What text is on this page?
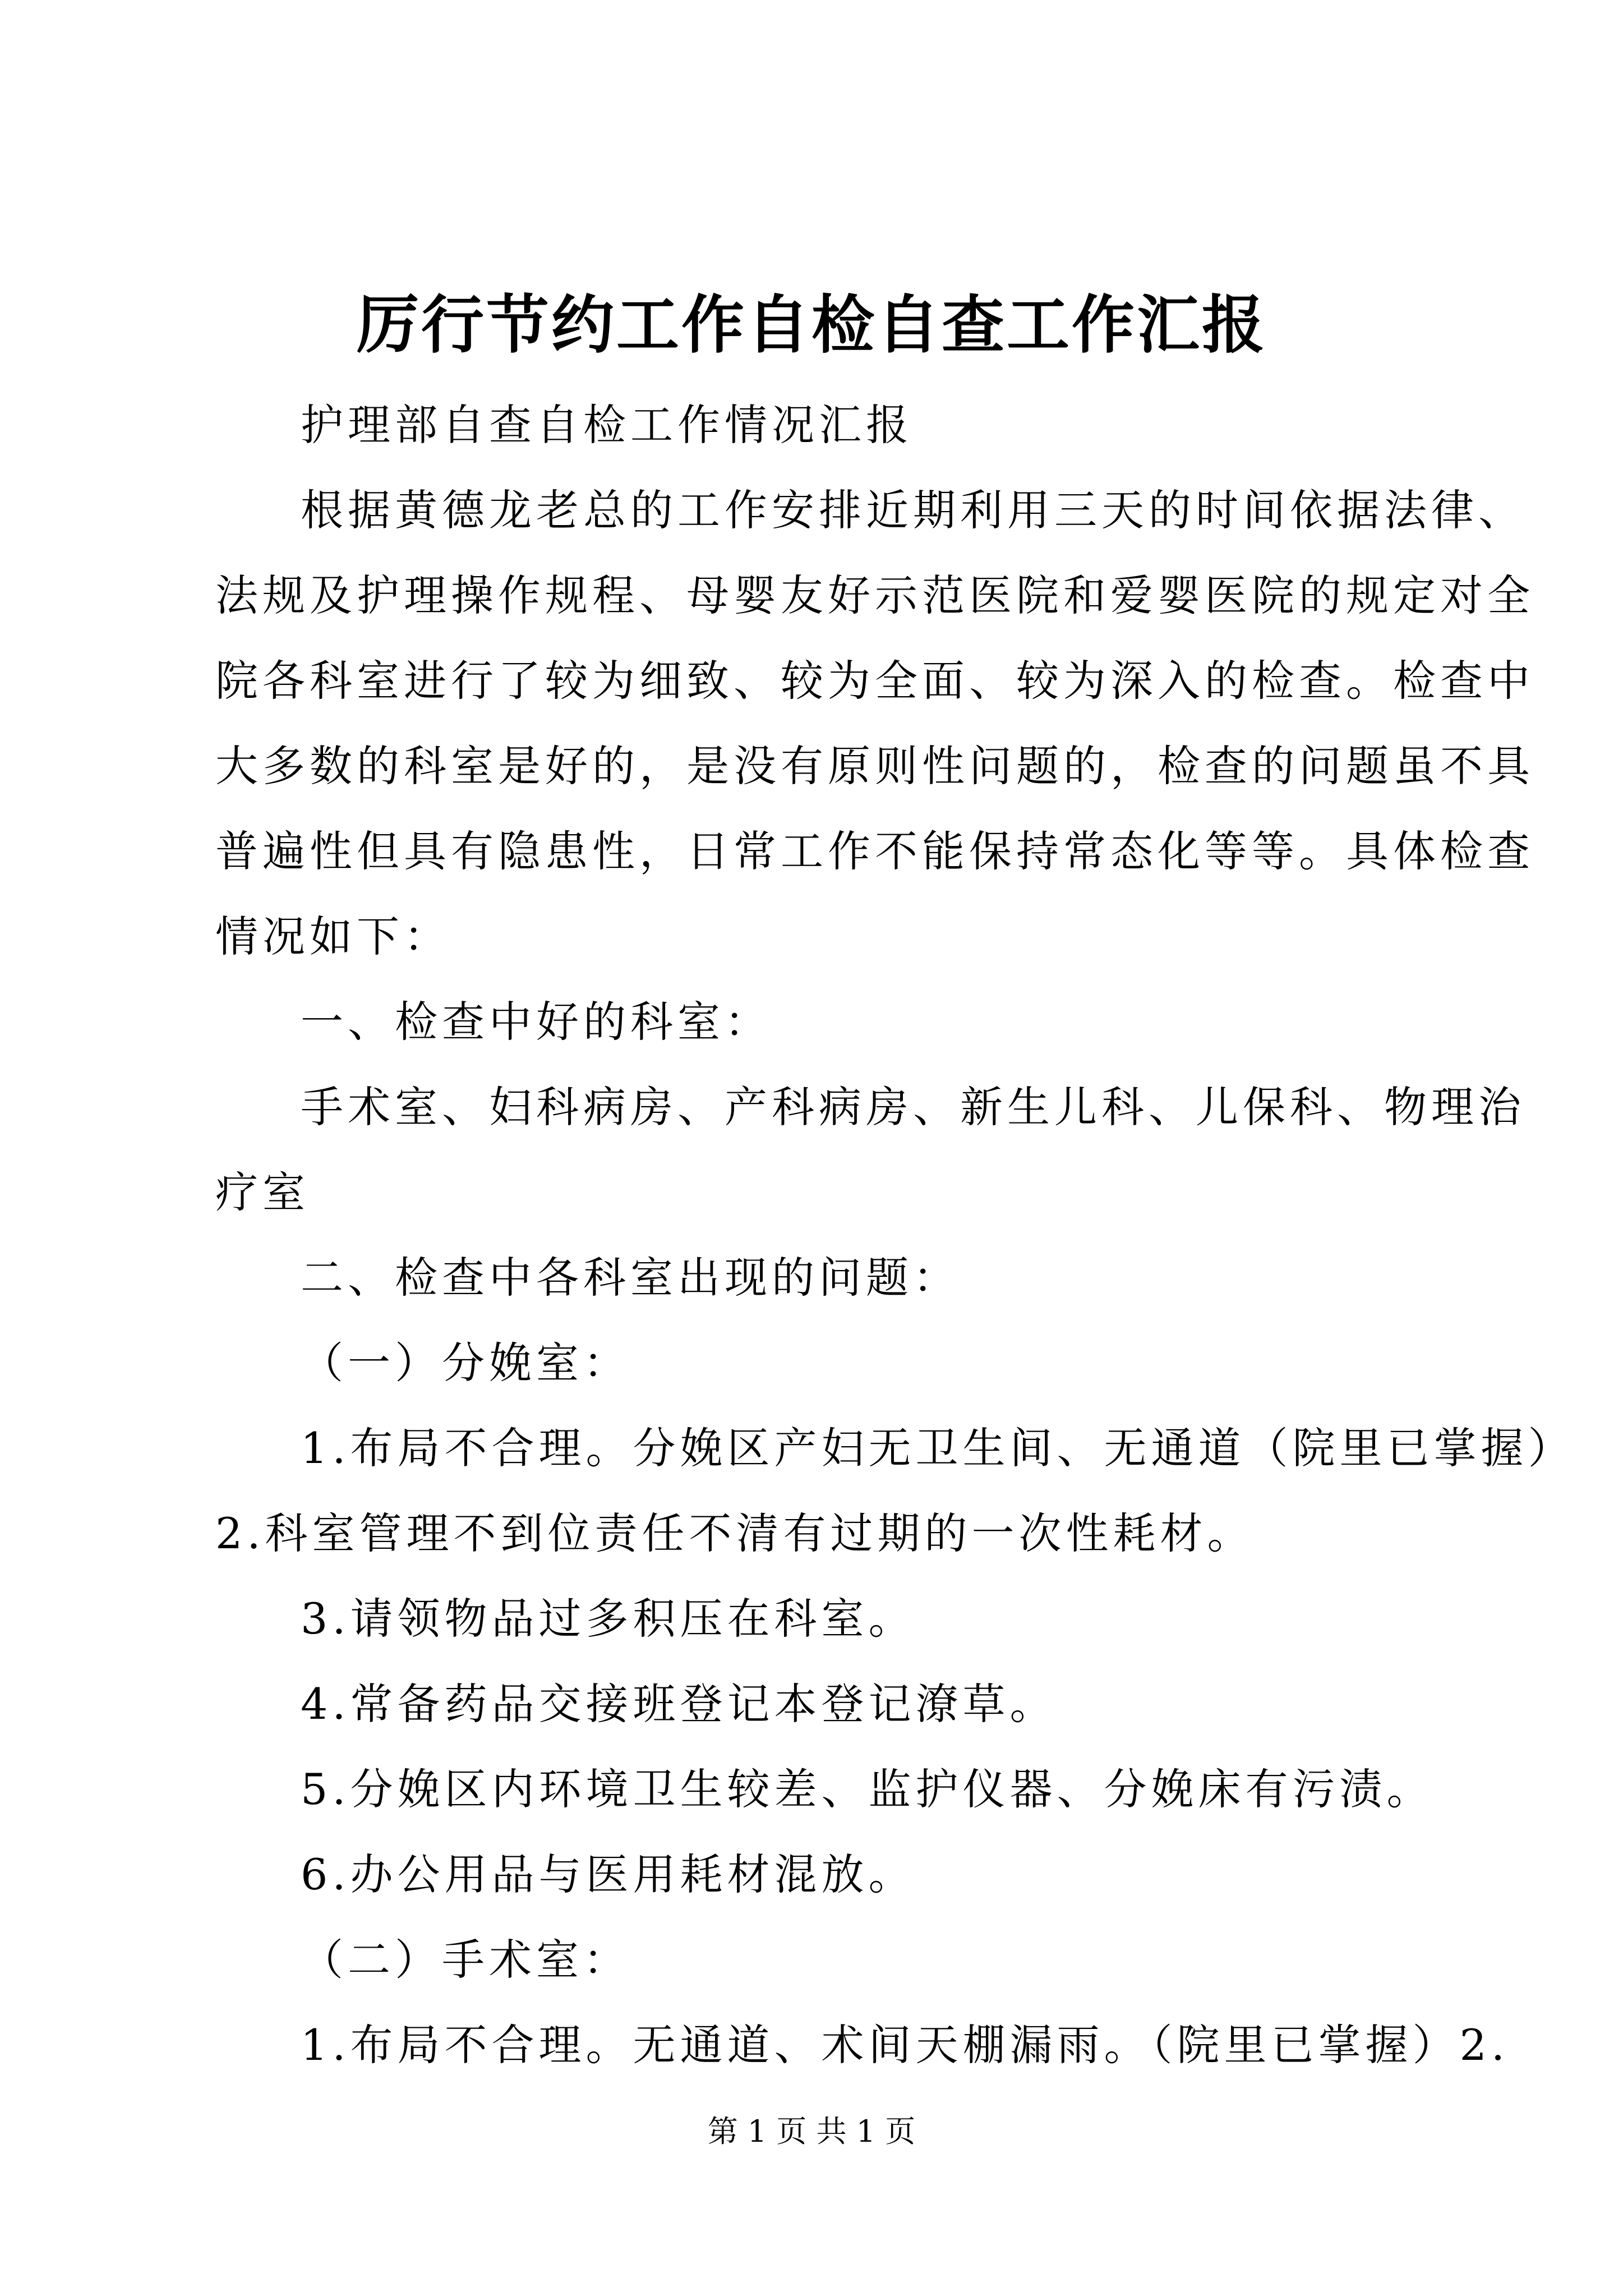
厉行节约工作自检自查工作汇报

护理部自查自检工作情况汇报

根据黄德龙老总的工作安排近期利用三天的时间依据法律、

法规及护理操作规程、母婴友好示范医院和爱婴医院的规定对全

院各科室进行了较为细致、较为全面、较为深入的检查。检查中

大多数的科室是好的，是没有原则性问题的，检查的问题虽不具

普遍性但具有隐患性，日常工作不能保持常态化等等。具体检查

情况如下：

一、检查中好的科室：

手术室、妇科病房、产科病房、新生儿科、儿保科、物理治

疗室

二、检查中各科室出现的问题：

（一）分娩室：

1.布局不合理。分娩区产妇无卫生间、无通道（院里已掌握）

2.科室管理不到位责任不清有过期的一次性耗材。

3.请领物品过多积压在科室。

4.常备药品交接班登记本登记潦草。

5.分娩区内环境卫生较差、监护仪器、分娩床有污渍。

6.办公用品与医用耗材混放。

（二）手术室：

1.布局不合理。无通道、术间天棚漏雨。（院里已掌握）2.

第 1 页 共 1 页
